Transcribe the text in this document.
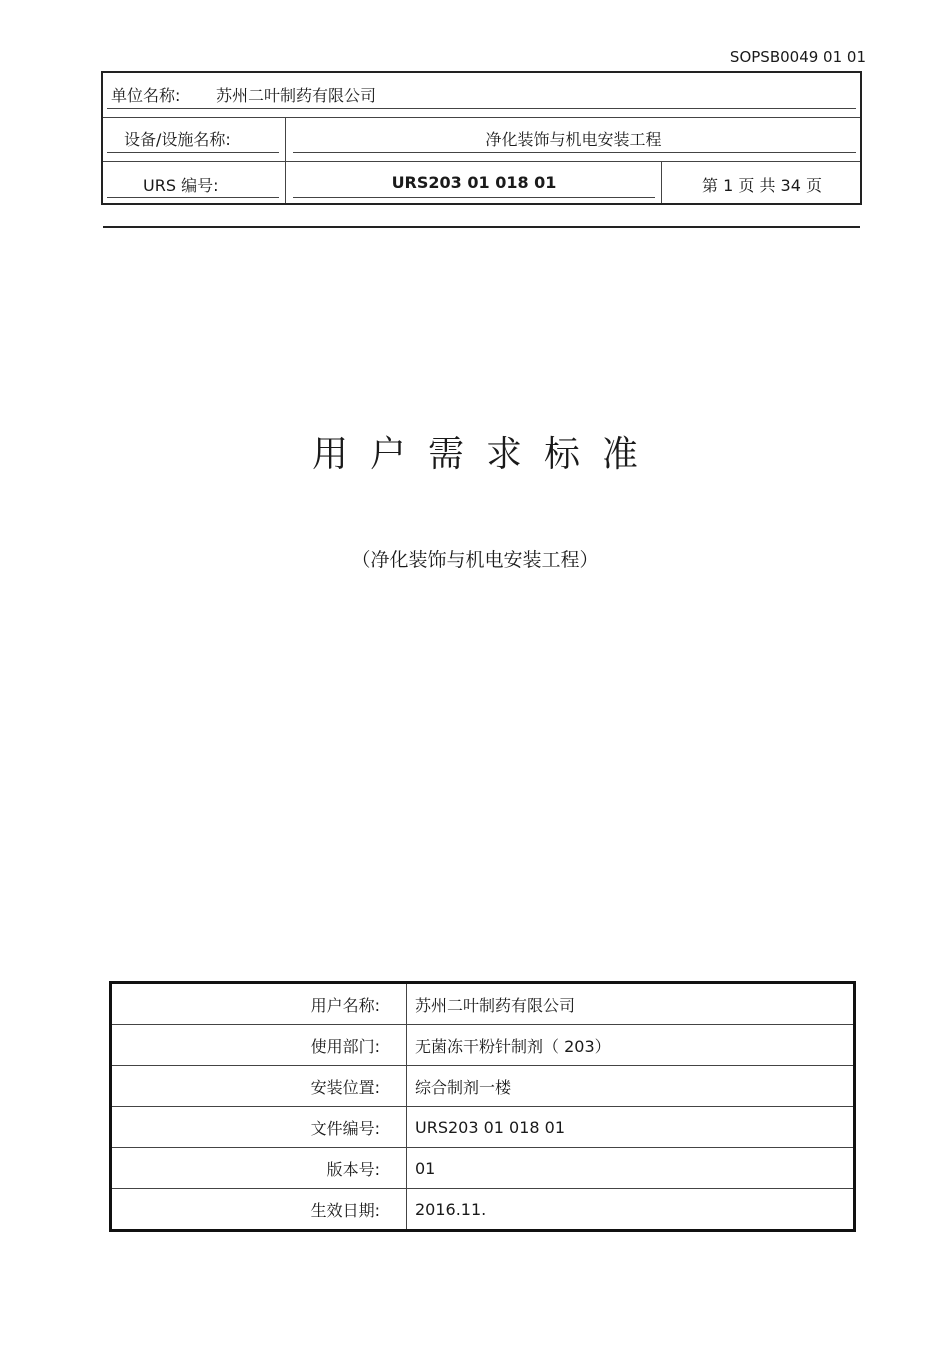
SOPSB0049 01 01
单位名称: 苏州二叶制药有限公司
设备/设施名称:	净化装饰与机电安装工程
URS 编号:	URS203 01 018 01	第 1 页 共 34 页
用户需求标准
（净化装饰与机电安装工程）
用户名称:	苏州二叶制药有限公司
使用部门:	无菌冻干粉针制剂（ 203）
安装位置:	综合制剂一楼
文件编号:	URS203 01 018 01
版本号:	01
生效日期:	2016.11.
